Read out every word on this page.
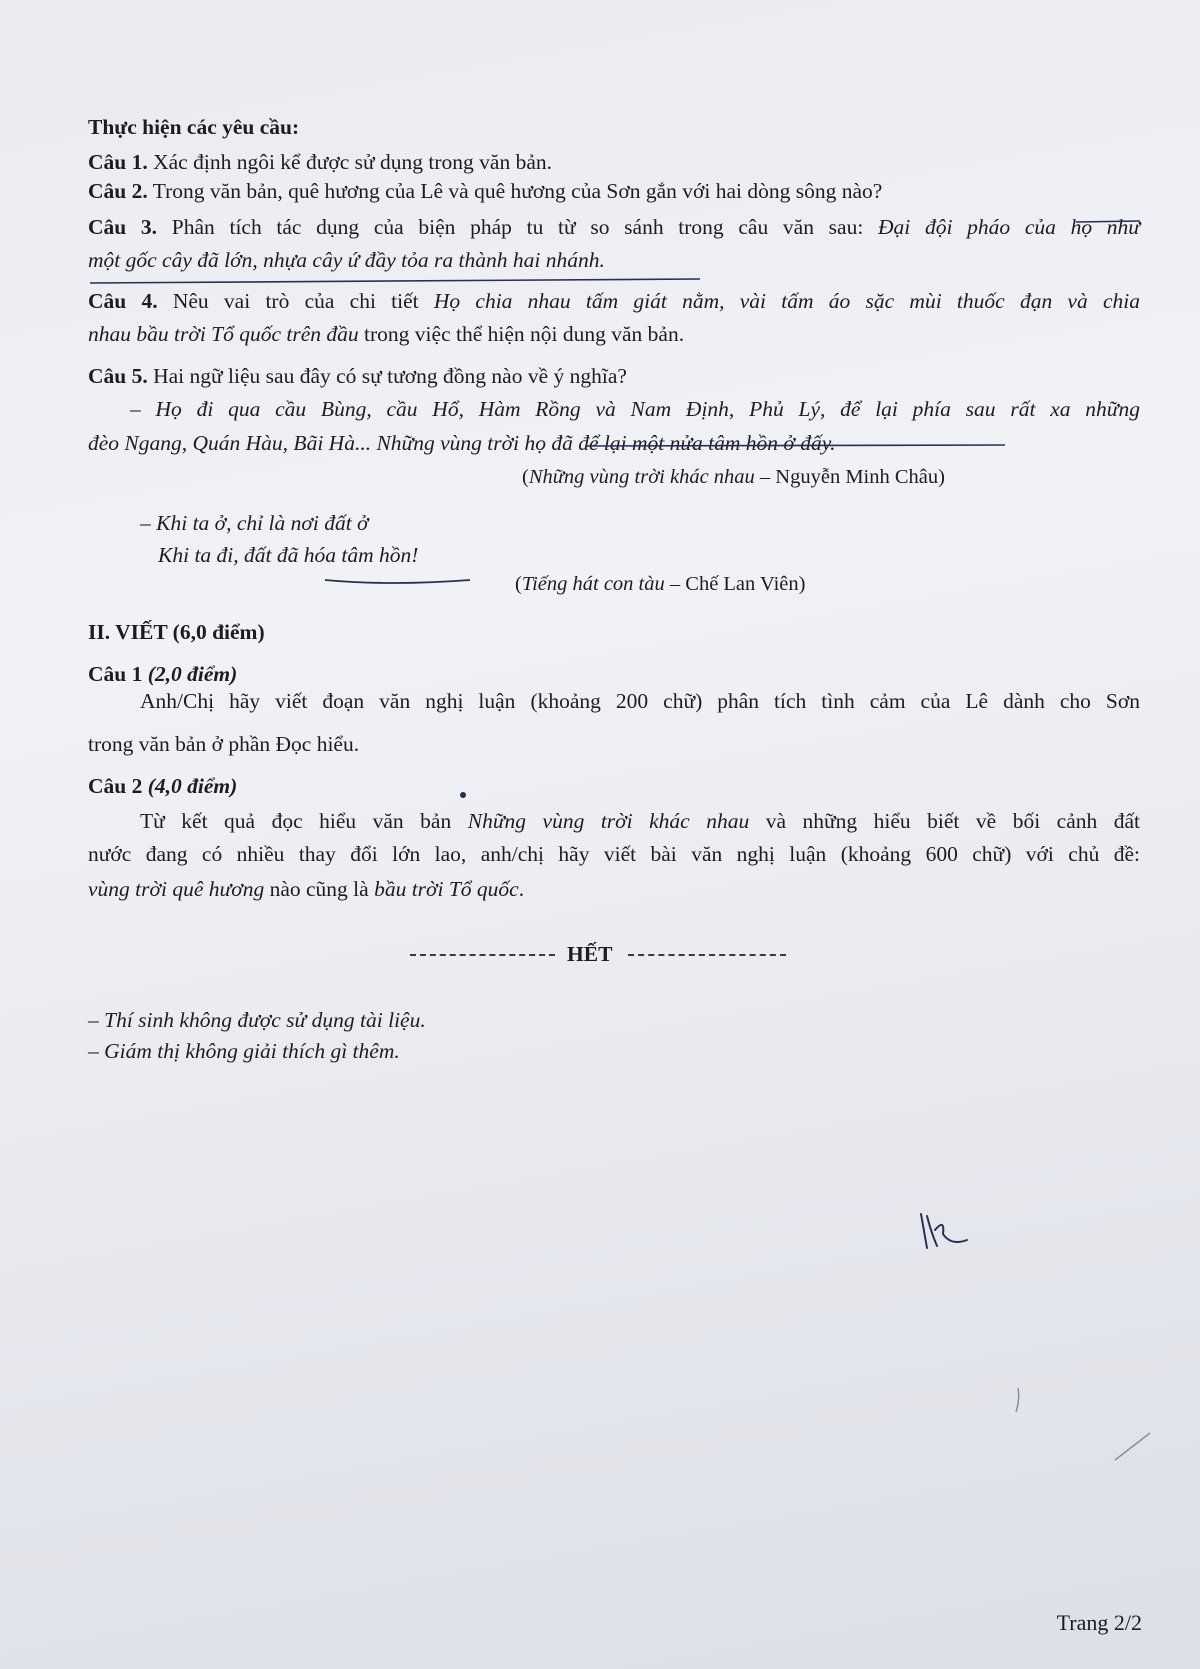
Thực hiện các yêu cầu:
Câu 1. Xác định ngôi kể được sử dụng trong văn bản.
Câu 2. Trong văn bản, quê hương của Lê và quê hương của Sơn gắn với hai dòng sông nào?
Câu 3. Phân tích tác dụng của biện pháp tu từ so sánh trong câu văn sau: Đại đội pháo của họ như
một gốc cây đã lớn, nhựa cây ứ đầy tỏa ra thành hai nhánh.
Câu 4. Nêu vai trò của chi tiết Họ chia nhau tấm giát nằm, vài tấm áo sặc mùi thuốc đạn và chia
nhau bầu trời Tổ quốc trên đầu trong việc thể hiện nội dung văn bản.
Câu 5. Hai ngữ liệu sau đây có sự tương đồng nào về ý nghĩa?
– Họ đi qua cầu Bùng, cầu Hổ, Hàm Rồng và Nam Định, Phủ Lý, để lại phía sau rất xa những
đèo Ngang, Quán Hàu, Bãi Hà... Những vùng trời họ đã để lại một nửa tâm hồn ở đấy.
(Những vùng trời khác nhau – Nguyễn Minh Châu)
– Khi ta ở, chỉ là nơi đất ở
Khi ta đi, đất đã hóa tâm hồn!
(Tiếng hát con tàu – Chế Lan Viên)
II. VIẾT (6,0 điểm)
Câu 1 (2,0 điểm)
Anh/Chị hãy viết đoạn văn nghị luận (khoảng 200 chữ) phân tích tình cảm của Lê dành cho Sơn
trong văn bản ở phần Đọc hiểu.
Câu 2 (4,0 điểm)
Từ kết quả đọc hiểu văn bản Những vùng trời khác nhau và những hiểu biết về bối cảnh đất
nước đang có nhiều thay đổi lớn lao, anh/chị hãy viết bài văn nghị luận (khoảng 600 chữ) với chủ đề:
vùng trời quê hương nào cũng là bầu trời Tổ quốc.
HẾT
– Thí sinh không được sử dụng tài liệu.
– Giám thị không giải thích gì thêm.
Trang 2/2
